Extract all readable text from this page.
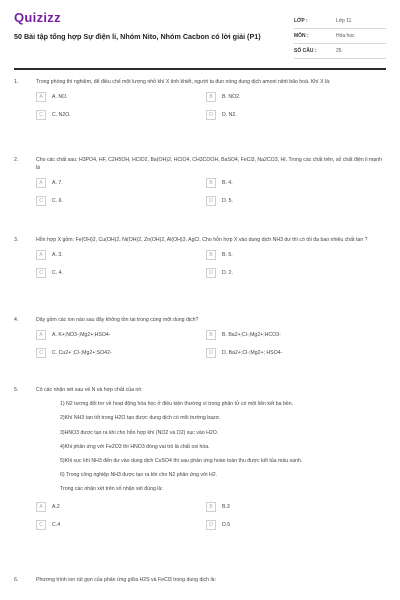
Quizizz
50 Bài tập tổng hợp Sự điện li, Nhóm Nito, Nhóm Cacbon có lời giải (P1)
LỚP :	Lớp 11
MÔN :	Hóa học
SỐ CÂU :	25
1.	Trong phòng thí nghiệm, để điều chế một lượng nhỏ khí X tinh khiết, người ta đun nóng dung dịch amoni nitrit bão hoà. Khí X là:
A	A. NO.	B	B. NO2.
C	C. N2O.	D	D. N2.
2.	Cho các chất sau: H3PO4, HF, C2H5OH, HClO2, Ba(OH)2, HClO4, CH3COOH, BaSO4, FeCl3, Na2CO3, HI. Trong các chất trên, số chất điện li mạnh là
A	A. 7.	B	B. 4.
C	C. 6.	D	D. 5.
3.	Hỗn hợp X gồm: Fe(OH)2, Cu(OH)2, Ni(OH)2, Zn(OH)2, Al(OH)3, AgCl. Cho hỗn hợp X vào dung dịch NH3 dư thì có tối đa bao nhiêu chất tan ?
A	A. 3.	B	B. 5.
C	C. 4.	D	D. 2.
4.	Dãy gồm các ion nào sau đây không tồn tại trong cùng một dung dịch?
A	A. K+;NO3-;Mg2+;HSO4-	B	B. Ba2+;Cl-;Mg2+;HCO3-
C	C. Cu2+ ;Cl-;Mg2+;SO42-	D	D. Ba2+;Cl-;Mg2+; HSO4-
5.	Có các nhận xét sau về N và hợp chất của nó:
1) N2 tương đối trơ về hoạt động hóa học ở điều kiện thường vì trong phân tử có một liên kết ba bền.
2)Khí NH3 tan tốt trong H2O tạo được dung dịch có môi trường bazơ.
3)HNO3 được tạo ra khi cho hỗn hợp khí (NO2 và O2) sục vào H2O.
4)Khi phản ứng với Fe2O3 thì HNO3 đóng vai trò là chất oxi hóa.
5)Khi sục khí NH3 đến dư vào dung dịch CuSO4 thì sau phản ứng hoàn toàn thu được kết tủa màu xanh.
6) Trong công nghiệp NH3 được tạo ra khi cho N2 phản ứng với H2.
Trong các nhận xét trên số nhận xét đúng là:
A	A.2	B	B.3
C	C.4	D	D.5
6.	Phương trình ion rút gọn của phản ứng giữa H2S và FeCl3 trong dung dịch là:
